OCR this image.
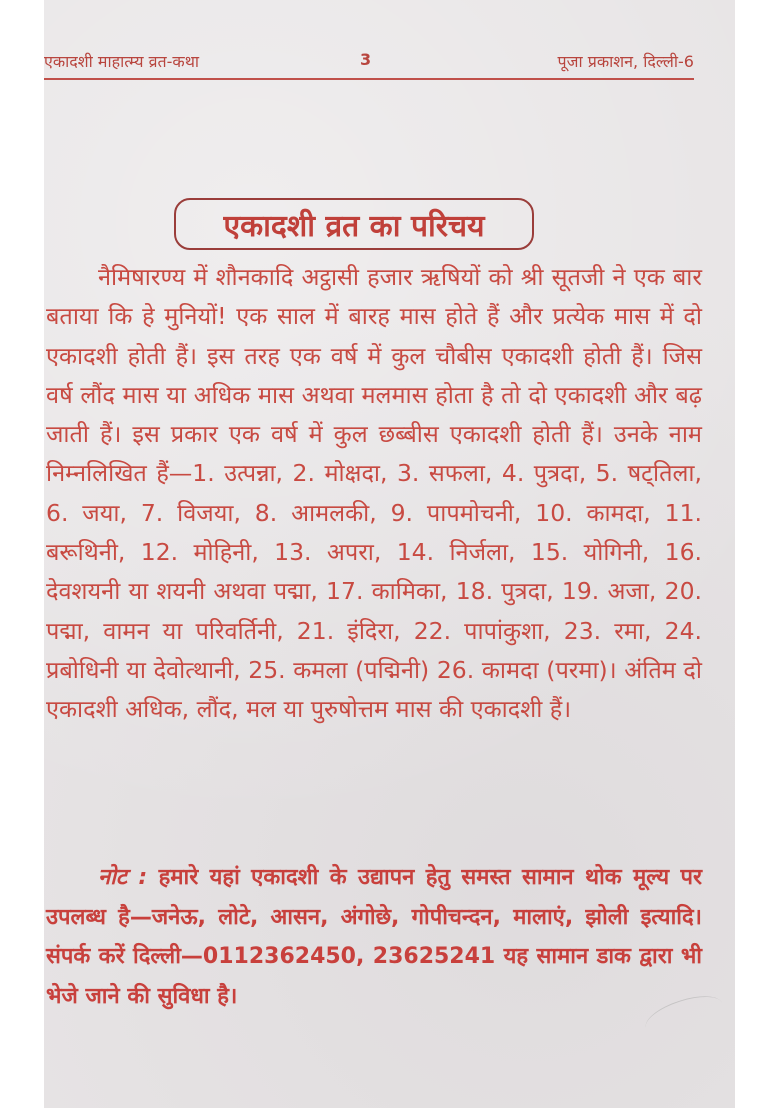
एकादशी माहात्म्य व्रत-कथा	3	पूजा प्रकाशन, दिल्ली-6
एकादशी व्रत का परिचय

नैमिषारण्य में शौनकादि अट्ठासी हजार ऋषियों को श्री सूतजी ने एक बार बताया कि हे मुनियों! एक साल में बारह मास होते हैं और प्रत्येक मास में दो एकादशी होती हैं। इस तरह एक वर्ष में कुल चौबीस एकादशी होती हैं। जिस वर्ष लौंद मास या अधिक मास अथवा मलमास होता है तो दो एकादशी और बढ़ जाती हैं। इस प्रकार एक वर्ष में कुल छब्बीस एकादशी होती हैं। उनके नाम निम्नलिखित हैं—1. उत्पन्ना, 2. मोक्षदा, 3. सफला, 4. पुत्रदा, 5. षट्तिला, 6. जया, 7. विजया, 8. आमलकी, 9. पापमोचनी, 10. कामदा, 11. बरूथिनी, 12. मोहिनी, 13. अपरा, 14. निर्जला, 15. योगिनी, 16. देवशयनी या शयनी अथवा पद्मा, 17. कामिका, 18. पुत्रदा, 19. अजा, 20. पद्मा, वामन या परिवर्तिनी, 21. इंदिरा, 22. पापांकुशा, 23. रमा, 24. प्रबोधिनी या देवोत्थानी, 25. कमला (पद्मिनी) 26. कामदा (परमा)। अंतिम दो एकादशी अधिक, लौंद, मल या पुरुषोत्तम मास की एकादशी हैं।

नोट : हमारे यहां एकादशी के उद्यापन हेतु समस्त सामान थोक मूल्य पर उपलब्ध है—जनेऊ, लोटे, आसन, अंगोछे, गोपीचन्दन, मालाएं, झोली इत्यादि। संपर्क करें दिल्ली—0112362450, 23625241 यह सामान डाक द्वारा भी भेजे जाने की सुविधा है।
